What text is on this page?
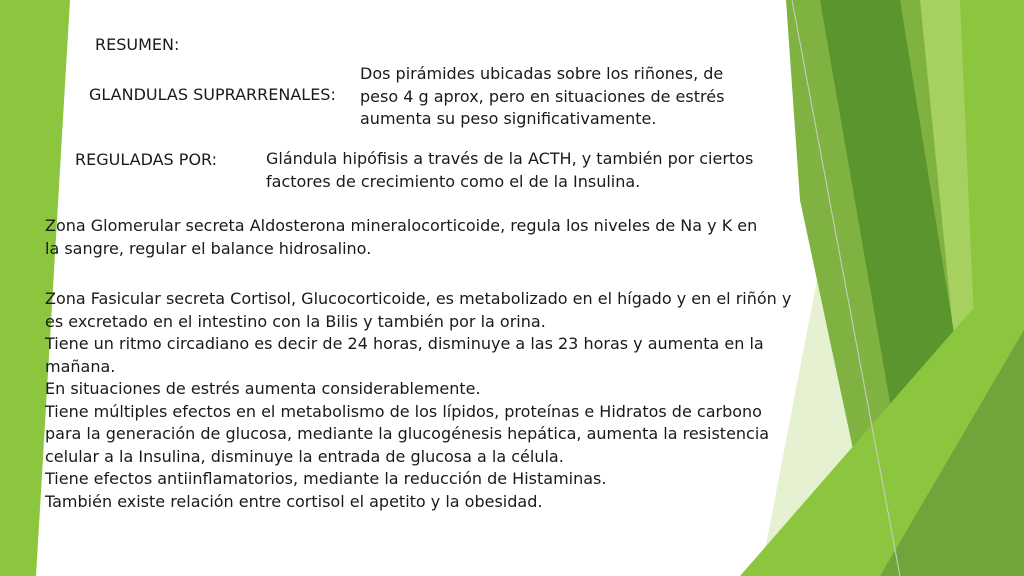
RESUMEN:
GLANDULAS SUPRARRENALES:
Dos pirámides ubicadas sobre los riñones, de
peso 4 g aprox, pero en situaciones de estrés
aumenta su peso significativamente.
REGULADAS POR:	Glándula hipófisis a través de la ACTH, y también por ciertos
factores de crecimiento como el de la Insulina.
Zona Glomerular secreta Aldosterona mineralocorticoide, regula los niveles de Na y K en
la sangre, regular el balance hidrosalino.
Zona Fasicular secreta Cortisol, Glucocorticoide, es metabolizado en el hígado y en el riñón y
es excretado en el intestino con la Bilis y también por la orina.
Tiene un ritmo circadiano es decir de 24 horas, disminuye a las 23 horas y aumenta en la
mañana.
En situaciones de estrés aumenta considerablemente.
Tiene múltiples efectos en el metabolismo de los lípidos, proteínas e Hidratos de carbono
para la generación de glucosa, mediante la glucogénesis hepática, aumenta la resistencia
celular a la Insulina, disminuye la entrada de glucosa a la célula.
Tiene efectos antiinflamatorios, mediante la reducción de Histaminas.
También existe relación entre cortisol el apetito y la obesidad.
